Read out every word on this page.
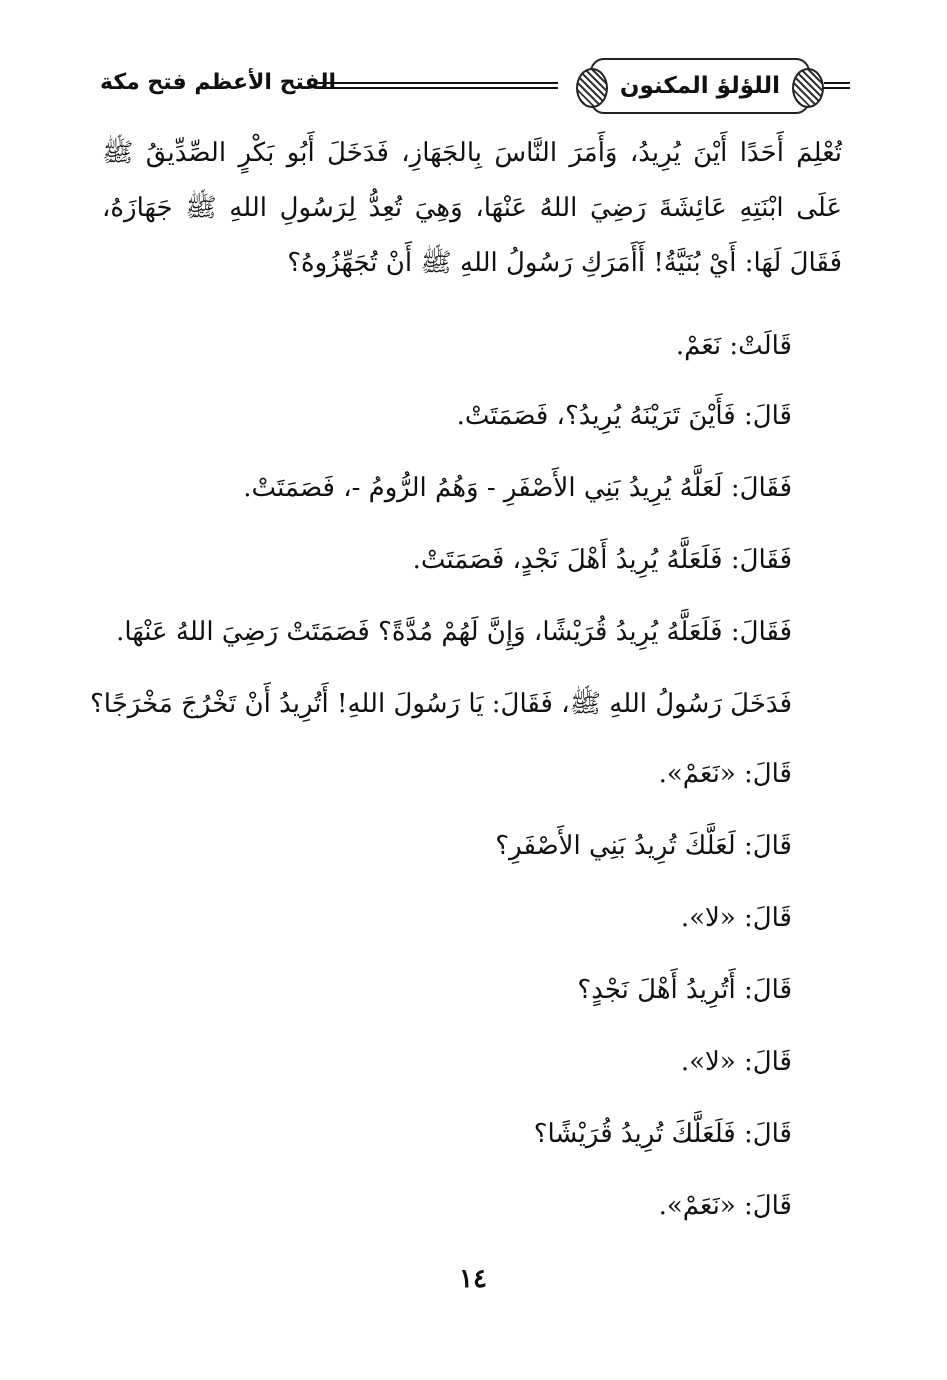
اللؤلؤ المكنون
الفتح الأعظم فتح مكة
تُعْلِمَ أَحَدًا أَيْنَ يُرِيدُ، وَأَمَرَ النَّاسَ بِالجَهَازِ، فَدَخَلَ أَبُو بَكْرٍ الصِّدِّيقُ ﷺ عَلَى ابْنَتِهِ عَائِشَةَ رَضِيَ اللهُ عَنْهَا، وَهِيَ تُعِدُّ لِرَسُولِ اللهِ ﷺ جَهَازَهُ، فَقَالَ لَهَا: أَيْ بُنَيَّةُ! أَأَمَرَكِ رَسُولُ اللهِ ﷺ أَنْ تُجَهِّزُوهُ؟
قَالَتْ: نَعَمْ.
قَالَ: فَأَيْنَ تَرَيْنَهُ يُرِيدُ؟، فَصَمَتَتْ.
فَقَالَ: لَعَلَّهُ يُرِيدُ بَنِي الأَصْفَرِ - وَهُمُ الرُّومُ -، فَصَمَتَتْ.
فَقَالَ: فَلَعَلَّهُ يُرِيدُ أَهْلَ نَجْدٍ، فَصَمَتَتْ.
فَقَالَ: فَلَعَلَّهُ يُرِيدُ قُرَيْشًا، وَإِنَّ لَهُمْ مُدَّةً؟ فَصَمَتَتْ رَضِيَ اللهُ عَنْهَا.
فَدَخَلَ رَسُولُ اللهِ ﷺ، فَقَالَ: يَا رَسُولَ اللهِ! أَتُرِيدُ أَنْ تَخْرُجَ مَخْرَجًا؟
قَالَ: «نَعَمْ».
قَالَ: لَعَلَّكَ تُرِيدُ بَنِي الأَصْفَرِ؟
قَالَ: «لا».
قَالَ: أَتُرِيدُ أَهْلَ نَجْدٍ؟
قَالَ: «لا».
قَالَ: فَلَعَلَّكَ تُرِيدُ قُرَيْشًا؟
قَالَ: «نَعَمْ».
١٤
